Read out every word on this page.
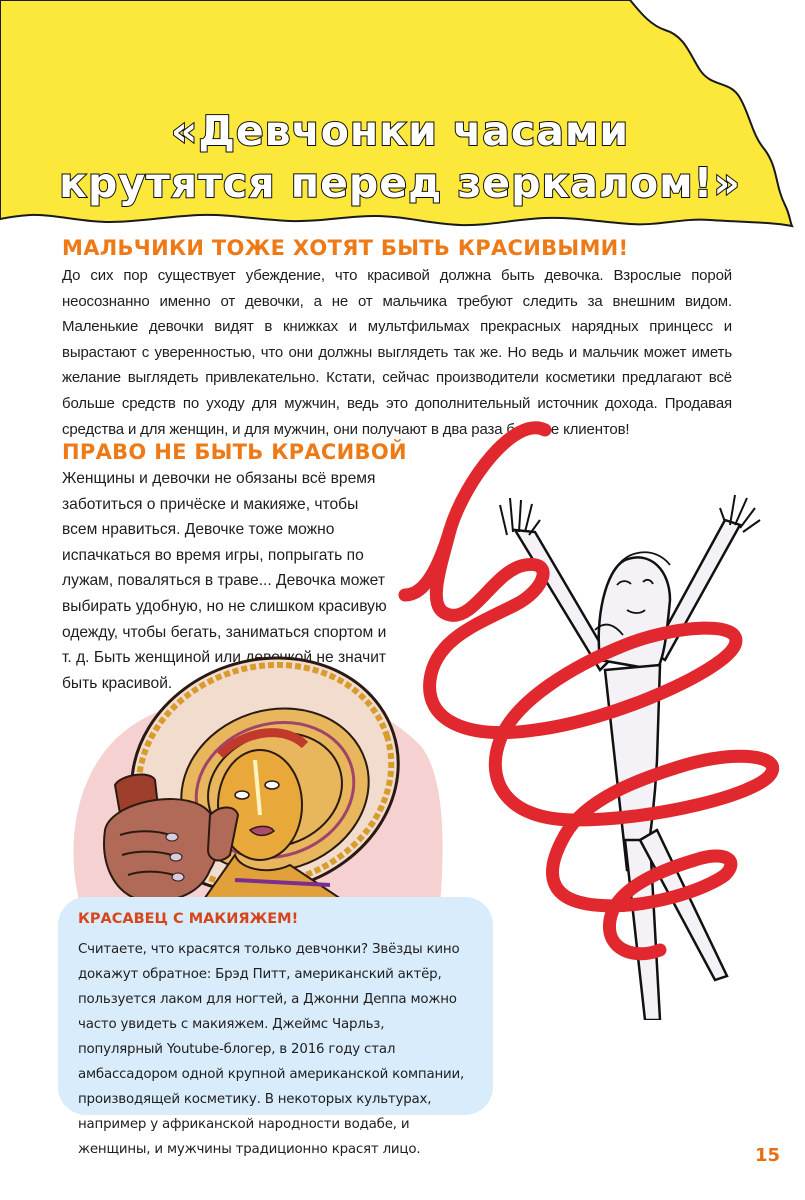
«Девчонки часами
крутятся перед зеркалом!»
МАЛЬЧИКИ ТОЖЕ ХОТЯТ БЫТЬ КРАСИВЫМИ!

До сих пор существует убеждение, что красивой должна быть девочка. Взрослые порой неосознанно именно от девочки, а не от мальчика требуют следить за внешним видом. Маленькие девочки видят в книжках и мультфильмах прекрасных нарядных принцесс и вырастают с уверенностью, что они должны выглядеть так же. Но ведь и мальчик может иметь желание выглядеть привлекательно. Кстати, сейчас производители косметики предлагают всё больше средств по уходу для мужчин, ведь это дополнительный источник дохода. Продавая средства и для женщин, и для мужчин, они получают в два раза больше клиентов!

ПРАВО НЕ БЫТЬ КРАСИВОЙ

Женщины и девочки не обязаны всё время заботиться о причёске и макияже, чтобы всем нравиться. Девочке тоже можно испачкаться во время игры, попрыгать по лужам, поваляться в траве... Девочка может выбирать удобную, но не слишком красивую одежду, чтобы бегать, заниматься спортом и т. д. Быть женщиной или девочкой не значит быть красивой.

КРАСАВЕЦ С МАКИЯЖЕМ!

Считаете, что красятся только девчонки? Звёзды кино докажут обратное: Брэд Питт, американский актёр, пользуется лаком для ногтей, а Джонни Деппа можно часто увидеть с макияжем. Джеймс Чарльз, популярный Youtube-блогер, в 2016 году стал амбассадором одной крупной американской компании, производящей косметику. В некоторых культурах, например у африканской народности водабе, и женщины, и мужчины традиционно красят лицо.	15
